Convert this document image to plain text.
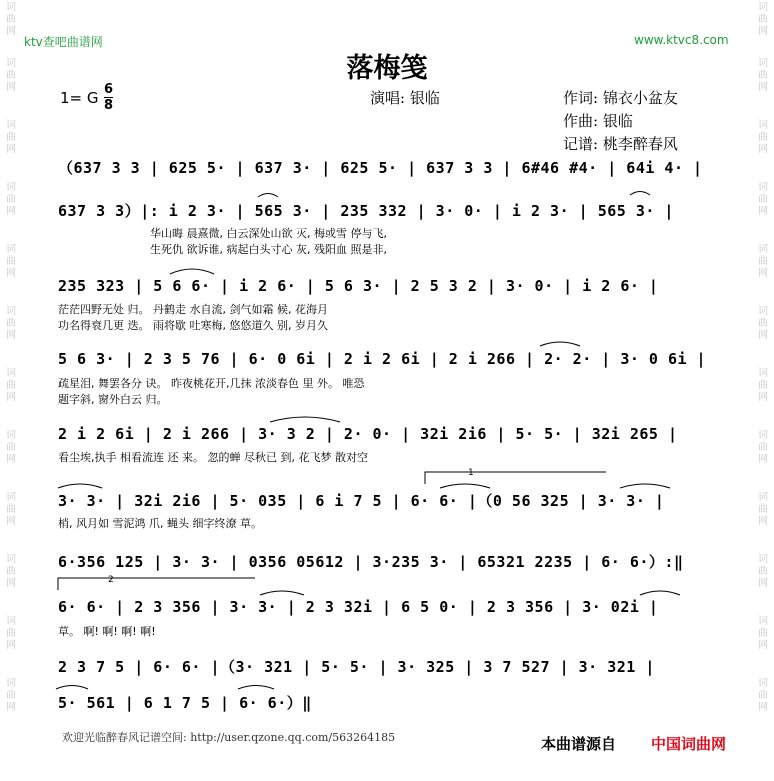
词曲网
词曲网
词曲网
词曲网
词曲网
词曲网
词曲网
词曲网
词曲网
词曲网
词曲网
词曲网
词曲网
词曲网
词曲网
词曲网
词曲网
词曲网
词曲网
词曲网
词曲网
词曲网
词曲网
词曲网
ktv查吧曲谱网	www.ktvc8.com
落梅笺
1= G 6
8	演唱: 银临	作词: 锦衣小盆友
作曲: 银临
记谱: 桃李醉春风
（637 3 3 | 625 5· | 637 3· | 625 5· | 637 3 3 | 6#46 #4· | 64i 4· |
637 3 3）|: i 2 3· | 565 3· | 235 332 | 3· 0· | i 2 3· | 565 3· |
华山晦 晨熹微, 白云深处山欲 灭, 梅或雪 停与飞,
生死仇 欲诉谁, 病起白头寸心 灰, 残阳血 照是非,
235 323 | 5 6 6· | i 2 6· | 5 6 3· | 2 5 3 2 | 3· 0· | i 2 6· |
茫茫四野无处 归。 丹鹤走 水自流, 剑气如霜 候, 花海月
功名得衰几更 迭。 雨将歇 吐寒梅, 悠悠道久 别, 岁月久
5 6 3· | 2 3 5 76 | 6· 0 6i | 2 i 2 6i | 2 i 266 | 2· 2· | 3· 0 6i |
疏星泪, 舞罢各分 诀。 昨夜桃花开,几抹 浓淡春色 里 外。 唯恐
题字斜, 窗外白云 归。
2 i 2 6i | 2 i 266 | 3· 3 2 | 2· 0· | 32i 2i6 | 5· 5· | 32i 265 |
看尘埃,执手 相看流连 还 来。 忽的蝉 尽秋已 到, 花飞梦 散对空
3· 3· | 32i 2i6 | 5· 035 | 6 i 7 5 | 6· 6· |（0 56 325 | 3· 3· |
梢, 风月如 雪泥鸿 爪, 蝇头 细字终潦 草。
6·356 125 | 3· 3· | 0356 05612 | 3·235 3· | 65321 2235 | 6· 6·）:‖
6· 6· | 2 3 356 | 3· 3· | 2 3 32i | 6 5 0· | 2 3 356 | 3· 02i |
草。 啊! 啊! 啊! 啊!
2 3 7 5 | 6· 6· |（3· 321 | 5· 5· | 3· 325 | 3 7 527 | 3· 321 |
5· 561 | 6 1 7 5 | 6· 6·）‖
1
2
欢迎光临醉春风记谱空间: http://user.qzone.qq.com/563264185	本曲谱源自 中国词曲网
